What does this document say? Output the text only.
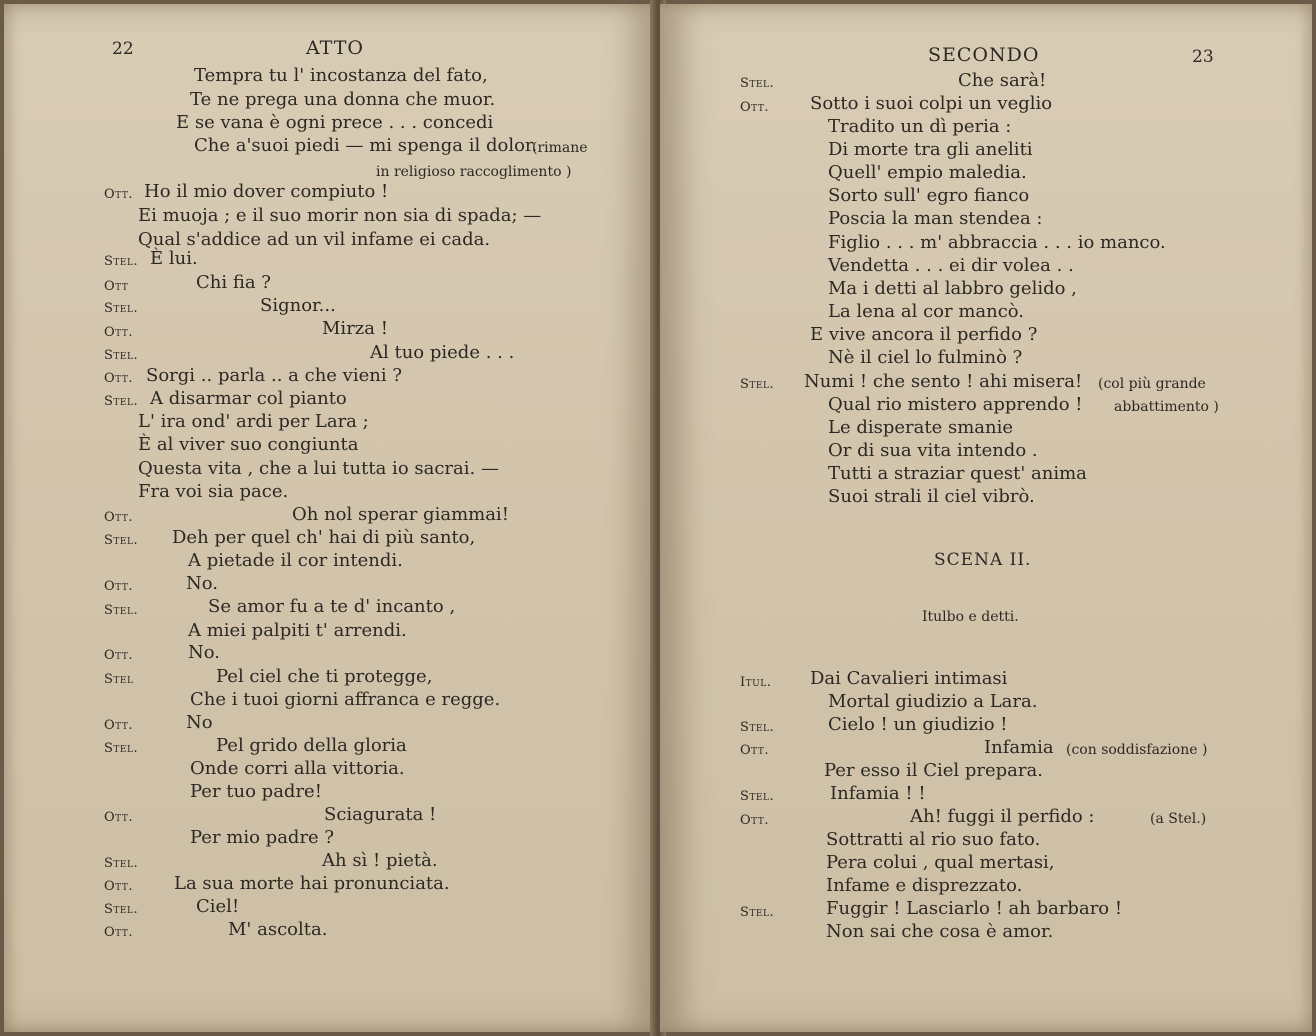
22	ATTO
Tempra tu l' incostanza del fato,
Te ne prega una donna che muor.
E se vana è ogni prece . . . concedi
Che a'suoi piedi — mi spenga il dolor.
(rimane
in religioso raccoglimento )
Ott. Ho il mio dover compiuto !
Ei muoja ; e il suo morir non sia di spada; —
Qual s'addice ad un vil infame ei cada.
Stel. È lui.
Ott	Chi fia ?
Stel.	Signor...
Ott.	Mirza !
Stel.	Al tuo piede . . .
Ott. Sorgi .. parla .. a che vieni ?
Stel. A disarmar col pianto
L' ira ond' ardi per Lara ;
È al viver suo congiunta
Questa vita , che a lui tutta io sacrai. —
Fra voi sia pace.
Ott.	Oh nol sperar giammai!
Stel. Deh per quel ch' hai di più santo,
A pietade il cor intendi.
Ott.	No.
Stel.	Se amor fu a te d' incanto ,
A miei palpiti t' arrendi.
Ott.	No.
Stel	Pel ciel che ti protegge,
Che i tuoi giorni affranca e regge.
Ott.	No
Stel.	Pel grido della gloria
Onde corri alla vittoria.
Per tuo padre!
Ott.	Sciagurata !
Per mio padre ?
Stel.	Ah sì ! pietà.
Ott. La sua morte hai pronunciata.
Stel.	Ciel!
Ott.	M' ascolta.
SECONDO	23
Stel.	Che sarà!
Ott. Sotto i suoi colpi un veglio
Tradito un dì peria :
Di morte tra gli aneliti
Quell' empio maledia.
Sorto sull' egro fianco
Poscia la man stendea :
Figlio . . . m' abbraccia . . . io manco.
Vendetta . . . ei dir volea . .
Ma i detti al labbro gelido ,
La lena al cor mancò.
E vive ancora il perfido ?
Nè il ciel lo fulminò ?
Stel. Numi ! che sento ! ahi misera! (col più grande
Qual rio mistero apprendo ! abbattimento )
Le disperate smanie
Or di sua vita intendo .
Tutti a straziar quest' anima
Suoi strali il ciel vibrò.
SCENA II.
Itulbo e detti.
Itul. Dai Cavalieri intimasi
Mortal giudizio a Lara.
Stel.	Cielo ! un giudizio !
Ott.	Infamia (con soddisfazione )
Per esso il Ciel prepara.
Stel.	Infamia ! !
Ott.	Ah! fuggi il perfido :	(a Stel.)
Sottratti al rio suo fato.
Pera colui , qual mertasi,
Infame e disprezzato.
Stel.	Fuggir ! Lasciarlo ! ah barbaro !
Non sai che cosa è amor.
